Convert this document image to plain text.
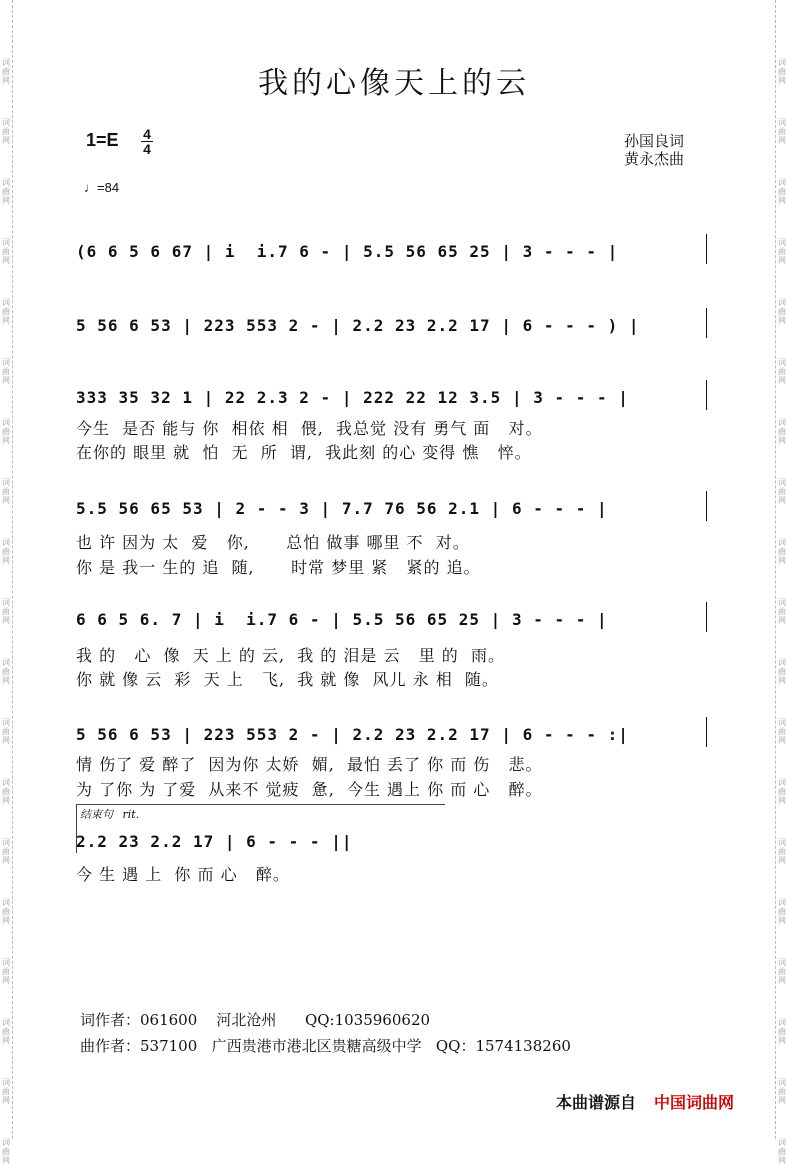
词
曲
网
词
曲
网
词
曲
网
词
曲
网
词
曲
网
词
曲
网
词
曲
网
词
曲
网
词
曲
网
词
曲
网
词
曲
网
词
曲
网
词
曲
网
词
曲
网
词
曲
网
词
曲
网
词
曲
网
词
曲
网
词
曲
网
词
曲
网
词
曲
网
词
曲
网
词
曲
网
词
曲
网
词
曲
网
词
曲
网
词
曲
网
词
曲
网
词
曲
网
词
曲
网
词
曲
网
词
曲
网
词
曲
网
词
曲
网
词
曲
网
词
曲
网
词
曲
网
词
曲
网
我的心像天上的云
1=E 4
4
♩=84
孙国良词
黄永杰曲
(6 6 5 6 67 | i  i.7 6 - | 5.5 56 65 25 | 3 - - - |
5 56 6 53 | 223 553 2 - | 2.2 23 2.2 17 | 6 - - - ) |
333 35 32 1 | 22 2.3 2 - | 222 22 12 3.5 | 3 - - - |
今生  是否 能与 你  相依 相  偎,  我总觉 没有 勇气 面   对。
在你的 眼里 就  怕  无  所  谓,  我此刻 的心 变得 憔   悴。
5.5 56 65 53 | 2 - - 3 | 7.7 76 56 2.1 | 6 - - - |
也 许 因为 太  爱   你,      总怕 做事 哪里 不  对。
你 是 我一 生的 追  随,      时常 梦里 紧   紧的 追。
6 6 5 6. 7 | i  i.7 6 - | 5.5 56 65 25 | 3 - - - |
我 的   心  像  天 上 的 云,  我 的 泪是 云   里 的  雨。
你 就 像 云  彩  天 上   飞,  我 就 像  风儿 永 相  随。
5 56 6 53 | 223 553 2 - | 2.2 23 2.2 17 | 6 - - - :|
情 伤了 爱 醉了  因为你 太娇  媚,  最怕 丢了 你 而 伤   悲。
为 了你 为 了爱  从来不 觉疲  惫,  今生 遇上 你 而 心   醉。
结束句 rit.
2.2 23 2.2 17 | 6 - - - ||
今 生 遇 上  你 而 心   醉。
词作者：061600    河北沧州      QQ:1035960620
曲作者：537100   广西贵港市港北区贵糖高级中学   QQ：1574138260
本曲谱源自 中国词曲网
